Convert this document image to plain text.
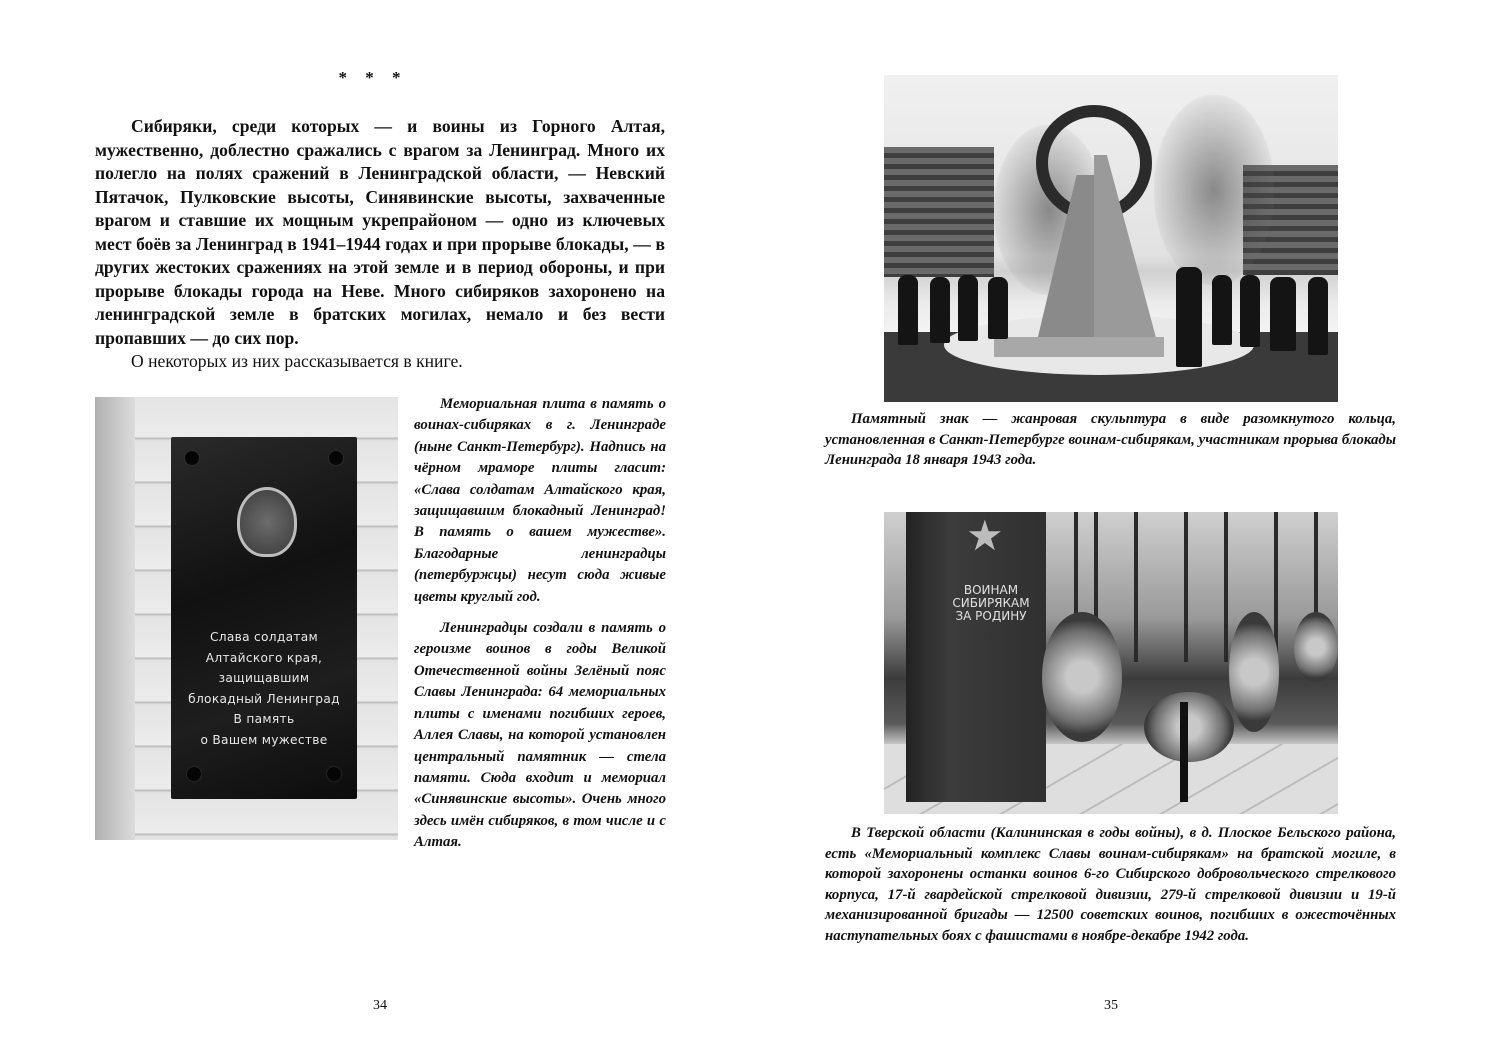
* * *

Сибиряки, среди которых — и воины из Горного Алтая, мужественно, доблестно сражались с врагом за Ленинград. Много их полегло на полях сражений в Ленинградской области, — Невский Пятачок, Пулковские высоты, Синявинские высоты, захваченные врагом и ставшие их мощным укрепрайоном — одно из ключевых мест боёв за Ленинград в 1941–1944 годах и при прорыве блокады, — в других жестоких сражениях на этой земле и в период обороны, и при прорыве блокады города на Неве. Много сибиряков захоронено на ленинградской земле в братских могилах, немало и без вести пропавших — до сих пор.

О некоторых из них рассказывается в книге.

Слава солдатам
Алтайского края,
защищавшим
блокадный Ленинград
В память
о Вашем мужестве

Мемориальная плита в память о воинах-сибиряках в г. Ленинграде (ныне Санкт-Петербург). Надпись на чёрном мраморе плиты гласит: «Слава солдатам Алтайского края, защищавшим блокадный Ленинград! В память о вашем мужестве». Благодарные ленинградцы (петербуржцы) несут сюда живые цветы круглый год.

Ленинградцы создали в память о героизме воинов в годы Великой Отечественной войны Зелёный пояс Славы Ленинграда: 64 мемориальных плиты с именами погибших героев, Аллея Славы, на которой установлен центральный памятник — стела памяти. Сюда входит и мемориал «Синявинские высоты». Очень много здесь имён сибиряков, в том числе и с Алтая.

34

Памятный знак — жанровая скульптура в виде разомкнутого кольца, установленная в Санкт-Петербурге воинам-сибирякам, участникам прорыва блокады Ленинграда 18 января 1943 года.

★
ВОИНАМ
СИБИРЯКАМ
ЗА РОДИНУ

В Тверской области (Калининская в годы войны), в д. Плоское Бельского района, есть «Мемориальный комплекс Славы воинам-сибирякам» на братской могиле, в которой захоронены останки воинов 6-го Сибирского добровольческого стрелкового корпуса, 17-й гвардейской стрелковой дивизии, 279-й стрелковой дивизии и 19-й механизированной бригады — 12500 советских воинов, погибших в ожесточённых наступательных боях с фашистами в ноябре-декабре 1942 года.

35
